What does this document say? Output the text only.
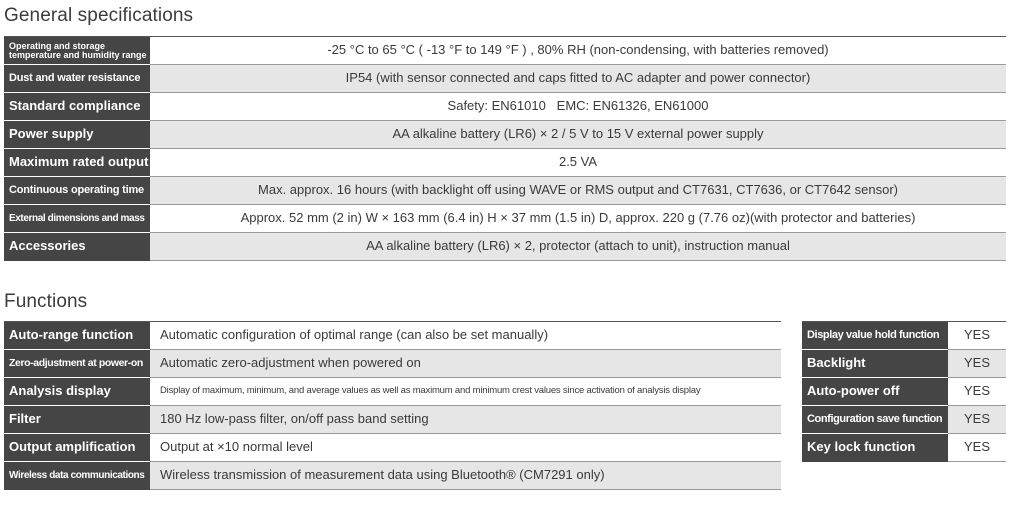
General specifications
Operating and storage temperature and humidity range	-25 °C to 65 °C ( -13 °F to 149 °F ) , 80% RH (non-condensing, with batteries removed)
Dust and water resistance	IP54 (with sensor connected and caps fitted to AC adapter and power connector)
Standard compliance	Safety: EN61010   EMC: EN61326, EN61000
Power supply	AA alkaline battery (LR6) × 2 / 5 V to 15 V external power supply
Maximum rated output	2.5 VA
Continuous operating time	Max. approx. 16 hours (with backlight off using WAVE or RMS output and CT7631, CT7636, or CT7642 sensor)
External dimensions and mass	Approx. 52 mm (2 in) W × 163 mm (6.4 in) H × 37 mm (1.5 in) D, approx. 220 g (7.76 oz)(with protector and batteries)
Accessories	AA alkaline battery (LR6) × 2, protector (attach to unit), instruction manual
Functions
Auto-range function	Automatic configuration of optimal range (can also be set manually)
Zero-adjustment at power-on	Automatic zero-adjustment when powered on
Analysis display	Display of maximum, minimum, and average values as well as maximum and minimum crest values since activation of analysis display
Filter	180 Hz low-pass filter, on/off pass band setting
Output amplification	Output at ×10 normal level
Wireless data communications	Wireless transmission of measurement data using Bluetooth® (CM7291 only)
Display value hold function	YES
Backlight	YES
Auto-power off	YES
Configuration save function	YES
Key lock function	YES
